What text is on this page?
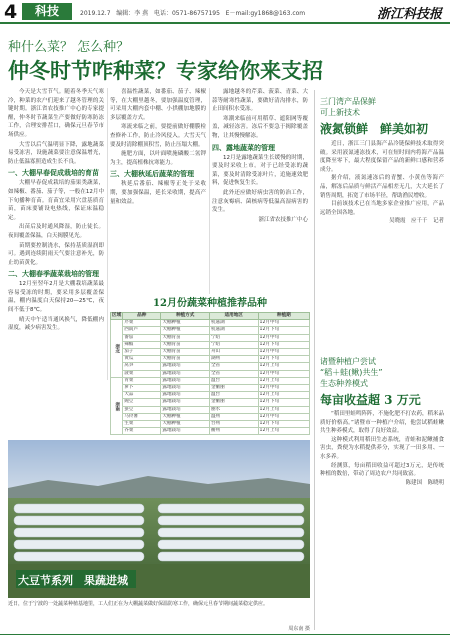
4	科技	2019.12.7 编辑：李 燕 电话：0571-86757195 E－mail:gy1868@163.com	浙江科技报
种什么菜？ 怎么种？
仲冬时节咋种菜？专家给你来支招

今天是大雪节气。随着冬季天气寒冷，种菜的农户们迎来了越冬管理的关键时期。浙江省农技推广中心的专家提醒，仲冬时节蔬菜生产要做好防寒防冻工作，合理安排茬口，确保元旦春节市场供应。

大雪以后气温明显下降，露地蔬菜易受冻害，设施蔬菜要注意保温增光，防止低温寡照造成生长不良。

一、大棚早春促成栽培的育苗

大棚早春促成栽培的茄果类蔬菜，如辣椒、番茄、茄子等，一般在12月中下旬播种育苗。育苗宜采用穴盘基质育苗，苗床要铺设电热线，保证床温稳定。

出苗后及时通风降湿，防止徒长。夜间覆盖保温，白天揭膜见光。

苗期要控制浇水，保持基质湿润即可。遇到连续阴雨天气要注意补光，防止幼苗黄化。

二、大棚春季蔬菜栽培的管理

12月至翌年2月是大棚栽培蔬菜最容易受冻的时期，要采用多层覆盖保温，棚内温度白天保持20—25℃，夜间不低于8℃。

晴天中午适当通风换气，降低棚内湿度，减少病害发生。

喜温性蔬菜，如番茄、茄子、辣椒等，在大棚里越冬，要加强温度管理，可采用大棚内套中棚、小拱棚加地膜的多层覆盖方式。

寒流来临之前，要提前做好棚膜检查修补工作，防止冷风侵入。大雪天气要及时清除棚顶积雪，防止压塌大棚。

施肥方面，以叶面喷施磷酸二氢钾为主，提高植株抗寒能力。

三、大棚秋延后蔬菜的管理

秋延后番茄、辣椒等正处于采收期，要加强保温，延长采收期，提高产量和效益。

露地越冬的芹菜、菠菜、青菜、大蒜等耐寒性蔬菜，要做好清沟排水，防止田间积水受冻。

寒潮来临前可用稻草、遮阳网等覆盖，减轻冻害。冻后不要急于揭除覆盖物，让其慢慢解冻。

四、露地蔬菜的管理

12月是露地蔬菜生长缓慢的时期，要及时采收上市。对于已经受冻的蔬菜，要及时清除受冻叶片，追施速效肥料，促进恢复生长。

此外还应做好病虫害的防治工作，注意灰霉病、菌核病等低温高湿病害的发生。

浙江省农技推广中心

12月份蔬菜种植推荐品种
区域	品种	种植方式	适用地区	种植期
浙北	芹菜	大棚种植	杭嘉湖	12月中旬
	西葫芦	大棚种植	杭嘉湖	12月下旬
	番茄	大棚育苗	宁绍	12月中旬
	辣椒	大棚育苗	宁绍	12月下旬
	茄子	大棚育苗	舟山	12月中旬
	黄瓜	大棚育苗	湖州	12月下旬
	莴笋	露地栽培	全省	12月上旬
	菠菜	露地栽培	全省	12月中旬
浙南	青菜	露地栽培	温台	12月上旬
	萝卜	露地栽培	金衢丽	12月中旬
	大蒜	露地栽培	温台	12月上旬
	豌豆	露地栽培	金衢丽	12月下旬
	蚕豆	露地栽培	丽水	12月上旬
	马铃薯	大棚种植	温州	12月中旬
	生菜	大棚种植	台州	12月下旬
	芥菜	露地栽培	衢州	12月上旬
大豆节系列　果蔬进城
近日，位于宁波的一处蔬菜种植基地里，工人们正在为大棚蔬菜做好保温防寒工作，确保元旦春节期间蔬菜稳定供应。
周东南 摄
三门湾产品保鲜
可上新技术
液氮锁鲜　鲜美如初

近日，浙江三门县海产品冷链保鲜技术取得突破。采用液氮速冻技术，可在短时间内将海产品温度降至零下，最大程度保留产品的新鲜口感和营养成分。

据介绍，液氮速冻后的青蟹、小黄鱼等海产品，解冻后品质与鲜活产品相差无几，大大延长了销售周期，拓宽了市场半径，帮助渔民增收。

目前该技术已在当地多家企业推广应用，产品远销全国各地。

吴晓霞　应千千　记者

诸暨种植户尝试
“稻＋蛙(鳅)共生”
生态种养模式
每亩收益超 3 万元

“稻田里蛙鸣阵阵，不施化肥不打农药，稻米品质好价格高。”诸暨市一种植户介绍，他尝试稻蛙鳅共生种养模式，取得了良好效益。

这种模式利用稻田生态系统，青蛙和泥鳅捕食害虫，粪便为水稻提供养分，实现了一田多用、一水多养。

经测算，每亩稻田收益可超过3万元，是传统种植的数倍，带动了周边农户共同致富。

陈建国　陈晓明
